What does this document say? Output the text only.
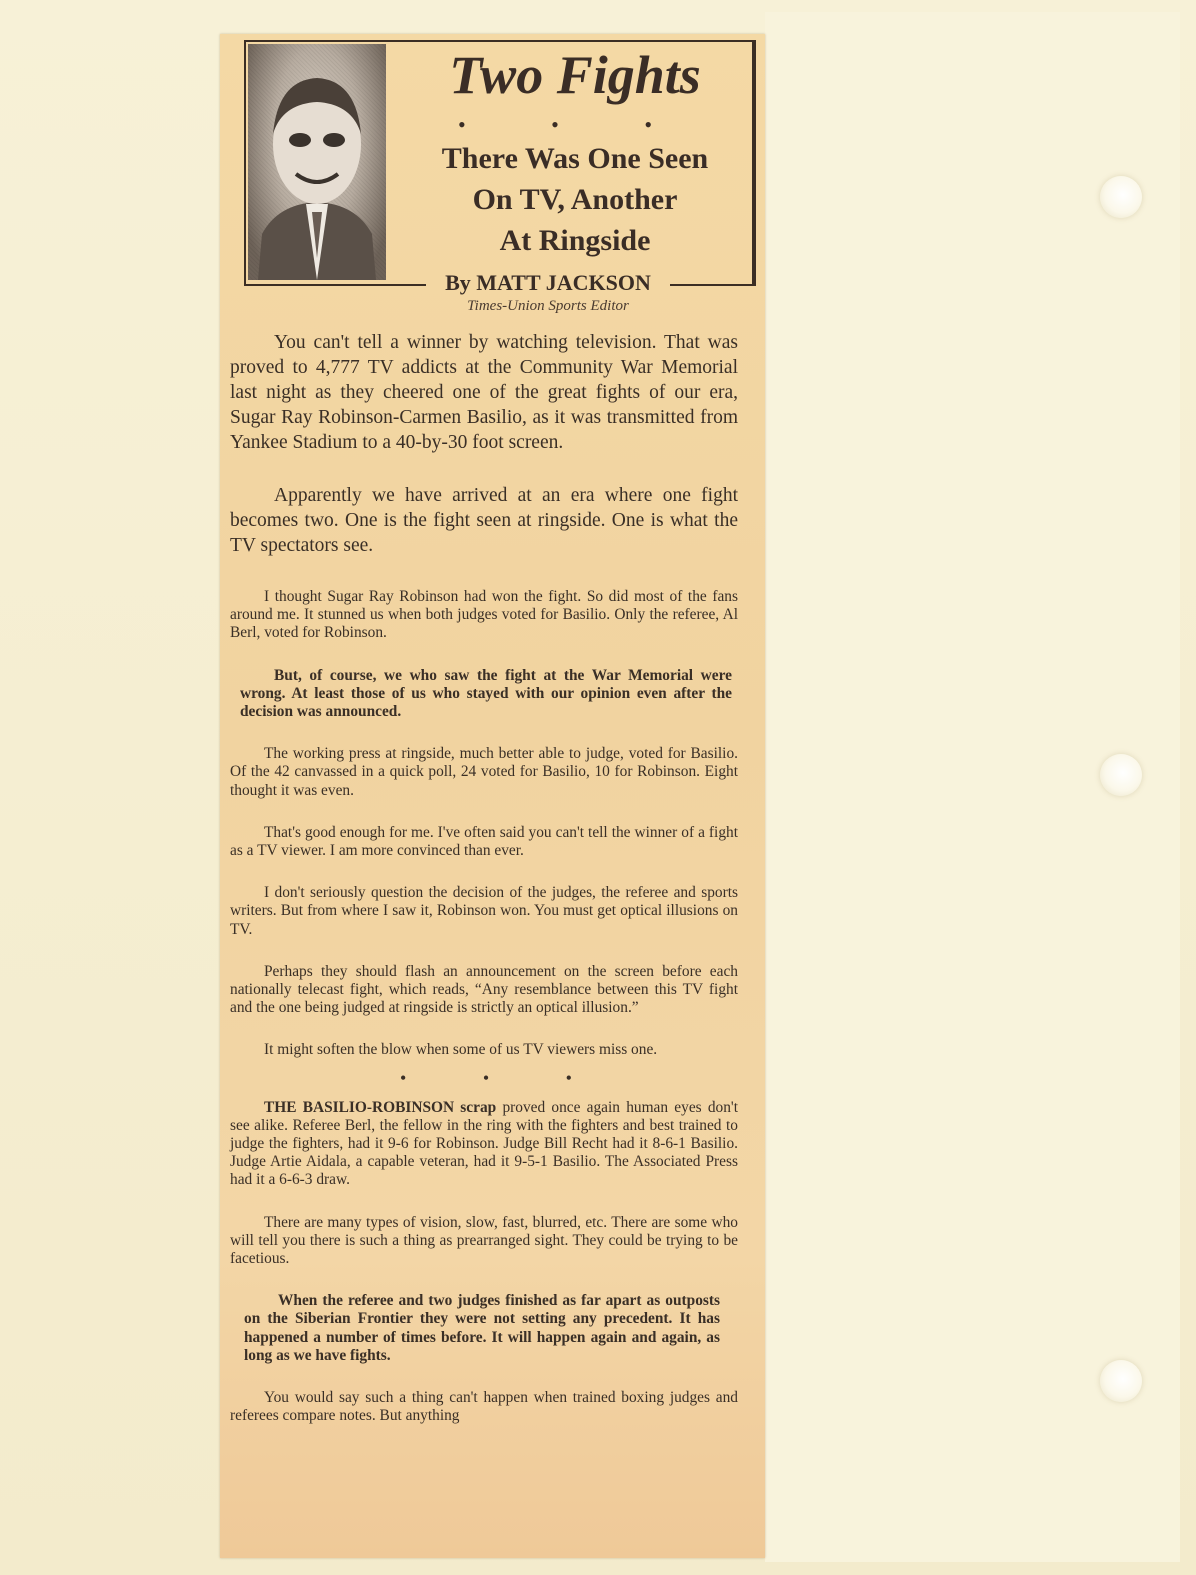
Two Fights
• • •
There Was One Seen
On TV, Another
At Ringside
By MATT JACKSON
Times-Union Sports Editor

You can't tell a winner by watching television. That was proved to 4,777 TV addicts at the Community War Memorial last night as they cheered one of the great fights of our era, Sugar Ray Robinson-Carmen Basilio, as it was transmitted from Yankee Stadium to a 40-by-30 foot screen.

Apparently we have arrived at an era where one fight becomes two. One is the fight seen at ringside. One is what the TV spectators see.

I thought Sugar Ray Robinson had won the fight. So did most of the fans around me. It stunned us when both judges voted for Basilio. Only the referee, Al Berl, voted for Robinson.

But, of course, we who saw the fight at the War Memorial were wrong. At least those of us who stayed with our opinion even after the decision was announced.

The working press at ringside, much better able to judge, voted for Basilio. Of the 42 canvassed in a quick poll, 24 voted for Basilio, 10 for Robinson. Eight thought it was even.

That's good enough for me. I've often said you can't tell the winner of a fight as a TV viewer. I am more convinced than ever.

I don't seriously question the decision of the judges, the referee and sports writers. But from where I saw it, Robinson won. You must get optical illusions on TV.

Perhaps they should flash an announcement on the screen before each nationally telecast fight, which reads, “Any resemblance between this TV fight and the one being judged at ringside is strictly an optical illusion.”

It might soften the blow when some of us TV viewers miss one.

• • •

THE BASILIO-ROBINSON scrap proved once again human eyes don't see alike. Referee Berl, the fellow in the ring with the fighters and best trained to judge the fighters, had it 9-6 for Robinson. Judge Bill Recht had it 8-6-1 Basilio. Judge Artie Aidala, a capable veteran, had it 9-5-1 Basilio. The Associated Press had it a 6-6-3 draw.

There are many types of vision, slow, fast, blurred, etc. There are some who will tell you there is such a thing as prearranged sight. They could be trying to be facetious.

When the referee and two judges finished as far apart as outposts on the Siberian Frontier they were not setting any precedent. It has happened a number of times before. It will happen again and again, as long as we have fights.

You would say such a thing can't happen when trained boxing judges and referees compare notes. But anything
